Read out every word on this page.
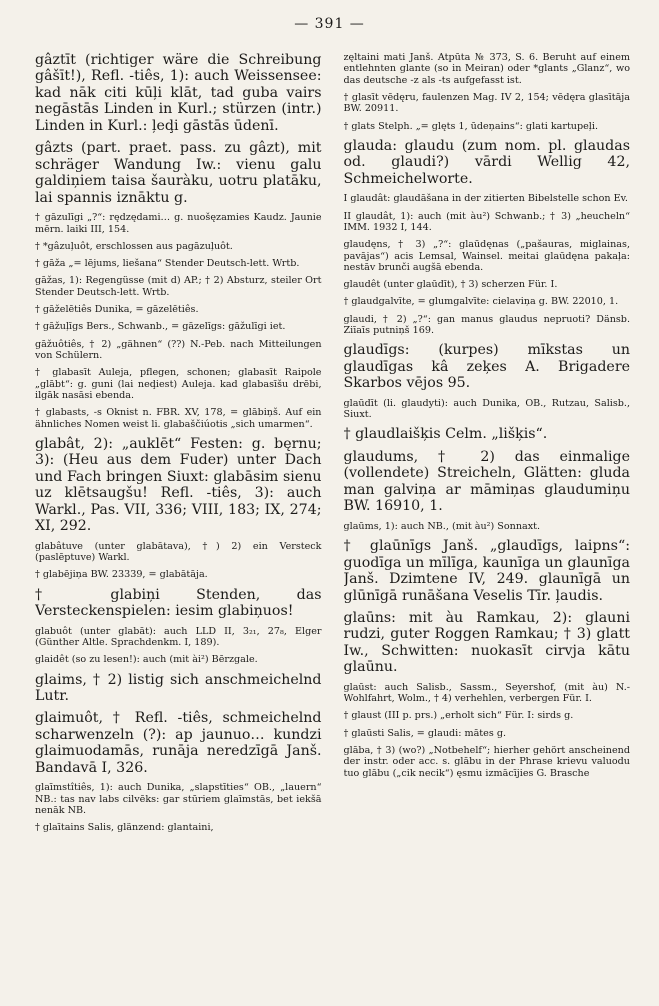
— 391 —

gâztīt (richtiger wäre die Schreibung gâšīt!), Refl. -tiês, 1): auch Weissensee: kad nāk citi kūļi klāt, tad guba vairs negāstās Linden in Kurl.; stürzen (intr.) Linden in Kurl.: ļeḑi gāstās ūdenī.

gâzts (part. praet. pass. zu gâzt), mit schräger Wandung Iw.: vienu galu galdiņiem taisa šauràku, uotru platāku, lai spannis iznāktu g.

† gāzulīgi „?“: rędzędami… g. nuošęzamies Kaudz. Jaunie mērn. laiki III, 154.

† *gâzuļuôt, erschlossen aus pagāzuļuôt.

† gāža „= lējums, liešana“ Stender Deutsch-lett. Wrtb.

gāžas, 1): Regengüsse (mit d) AP.; † 2) Absturz, steiler Ort Stender Deutsch-lett. Wrtb.

† gāželētiês Dunika, = gāzelētiês.

† gāžuļīgs Bers., Schwanb., = gāzelīgs: gāžulīgi iet.

gāžuôtiês, † 2) „gähnen“ (??) N.-Peb. nach Mitteilungen von Schülern.

† glabasīt Auleja, pflegen, schonen; glabasīt Raipole „glābt“: g. guni (lai neḑiest) Auleja. kad glabasīšu drēbi, ilgāk nasāsi ebenda.

† glabasts, -s Oknist n. FBR. XV, 178, = glābiņš. Auf ein ähnliches Nomen weist li. glabaščiúotis „sich umarmen“.

glabât, 2): „auklēt“ Festen: g. bęrnu; 3): (Heu aus dem Fuder) unter Dach und Fach bringen Siuxt: glabāsim sienu uz klētsaugšu! Refl. -tiês, 3): auch Warkl., Pas. VII, 336; VIII, 183; IX, 274; XI, 292.

glabâtuve (unter glabātava), †) 2) ein Versteck (paslēptuve) Warkl.

† glabējiņa BW. 23339, = glabātāja.

† glabiņi Stenden, das Versteckenspielen: iesim glabiņuos!

glabuôt (unter glabāt): auch LLD II, 3₂₁, 27₈, Elger (Günther Altle. Sprachdenkm. I, 189).

glaidêt (so zu lesen!): auch (mit ài²) Bērzgale.

glaims, † 2) listig sich anschmeichelnd Lutr.

glaimuôt, † Refl. -tiês, schmeichelnd scharwenzeln (?): ap jaunuo… kundzi glaimuodamās, runāja neredzīgā Janš. Bandavā I, 326.

glaīmstîtiês, 1): auch Dunika, „slapstīties“ OB., „lauern“ NB.: tas nav labs cilvēks: gar stūriem glaīmstās, bet iekšā nenāk NB.

† glaītains Salis, glänzend: glantaini,

zęltaini mati Janš. Atpūta № 373, S. 6. Beruht auf einem entlehnten glante (so in Meiran) oder *glants „Glanz“, wo das deutsche -z als -ts aufgefasst ist.

† glasīt vēdęru, faulenzen Mag. IV 2, 154; vēdęra glasītāja BW. 20911.

† glats Stelph. „= glęts 1, ūdeņains“: glati kartupeļi.

glauda: glaudu (zum nom. pl. glaudas od. glaudi?) vārdi Wellig 42, Schmeichelworte.

I glaudât: glaudāšana in der zitierten Bibelstelle schon Ev.

II glaudât, 1): auch (mit àu²) Schwanb.; † 3) „heucheln“ IMM. 1932 I, 144.

glaudęns, † 3) „?“: glaūdęnas („pašauras, miglainas, pavājas“) acis Lemsal, Wainsel. meitai glaūdęna pakaļa: nestāv brunči augšā ebenda.

glaudêt (unter glaūdīt), † 3) scherzen Für. I.

† glaudgalvīte, = glumgalvīte: cielaviņa g. BW. 22010, 1.

glaudi, † 2) „?“: gan manus glaudus nepruoti? Dänsb. Ziīaīs putniņš 169.

glaudīgs: (kurpes) mīkstas un glaudīgas kâ zeķes A. Brigadere Skarbos vējos 95.

glaūdīt (li. glaudyti): auch Dunika, OB., Rutzau, Salisb., Siuxt.

† glaudlaišķis Celm. „lišķis“.

glaudums, † 2) das einmalige (vollendete) Streicheln, Glätten: gluda man galviņa ar māmiņas glaudumiņu BW. 16910, 1.

glaūms, 1): auch NB., (mit àu²) Sonnaxt.

† glaūnīgs Janš. „glaudīgs, laipns“: guodīga un mīlīga, kaunīga un glaunīga Janš. Dzimtene IV, 249. glaunīgā un glūnīgā runāšana Veselis Tīr. ļaudis.

glaūns: mit àu Ramkau, 2): glauni rudzi, guter Roggen Ramkau; † 3) glatt Iw., Schwitten: nuokasīt cirvja kātu glaūnu.

glaūst: auch Salisb., Sassm., Seyershof, (mit àu) N.-Wohlfahrt, Wolm., † 4) verhehlen, verbergen Für. I.

† glaust (III p. prs.) „erholt sich“ Für. I: sirds g.

† glaūsti Salis, = glaudi: mātes g.

glāba, † 3) (wo?) „Notbehelf“; hierher gehört anscheinend der instr. oder acc. s. glābu in der Phrase krievu valuodu tuo glābu („cik necik“) ęsmu izmācījies G. Brasche
